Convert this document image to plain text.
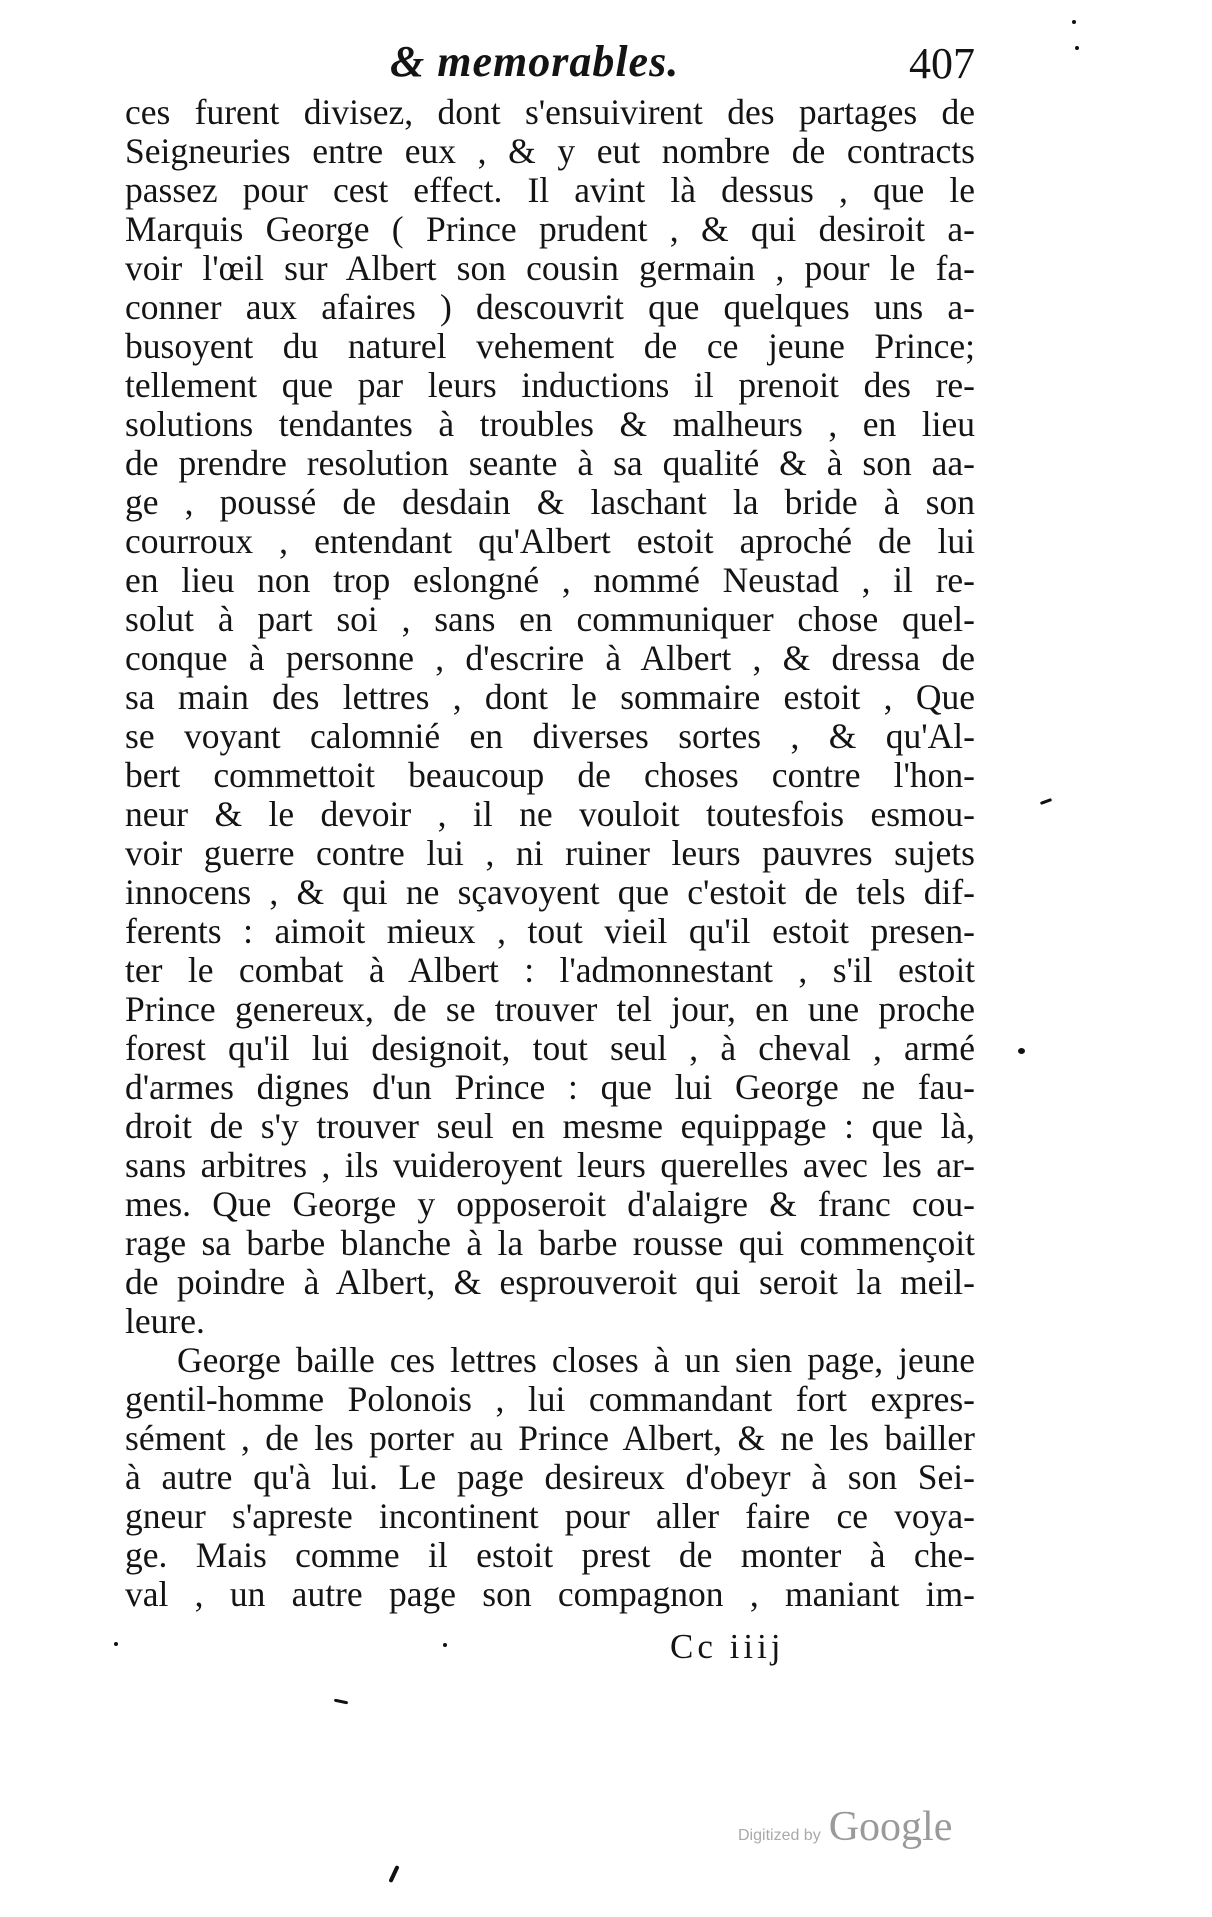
& memorables.	407
ces furent divisez, dont s'ensuivirent des partages de
Seigneuries entre eux , & y eut nombre de contracts
passez pour cest effect. Il avint là dessus , que le
Marquis George ( Prince prudent , & qui desiroit a-
voir l'œil sur Albert son cousin germain , pour le fa-
conner aux afaires ) descouvrit que quelques uns a-
busoyent du naturel vehement de ce jeune Prince;
tellement que par leurs inductions il prenoit des re-
solutions tendantes à troubles & malheurs , en lieu
de prendre resolution seante à sa qualité & à son aa-
ge , poussé de desdain & laschant la bride à son
courroux , entendant qu'Albert estoit aproché de lui
en lieu non trop eslongné , nommé Neustad , il re-
solut à part soi , sans en communiquer chose quel-
conque à personne , d'escrire à Albert , & dressa de
sa main des lettres , dont le sommaire estoit , Que
se voyant calomnié en diverses sortes , & qu'Al-
bert commettoit beaucoup de choses contre l'hon-
neur & le devoir , il ne vouloit toutesfois esmou-
voir guerre contre lui , ni ruiner leurs pauvres sujets
innocens , & qui ne sçavoyent que c'estoit de tels dif-
ferents : aimoit mieux , tout vieil qu'il estoit presen-
ter le combat à Albert : l'admonnestant , s'il estoit
Prince genereux, de se trouver tel jour, en une proche
forest qu'il lui designoit, tout seul , à cheval , armé
d'armes dignes d'un Prince : que lui George ne fau-
droit de s'y trouver seul en mesme equippage : que là,
sans arbitres , ils vuideroyent leurs querelles avec les ar-
mes. Que George y opposeroit d'alaigre & franc cou-
rage sa barbe blanche à la barbe rousse qui commençoit
de poindre à Albert, & esprouveroit qui seroit la meil-
leure.
George baille ces lettres closes à un sien page, jeune
gentil-homme Polonois , lui commandant fort expres-
sément , de les porter au Prince Albert, & ne les bailler
à autre qu'à lui. Le page desireux d'obeyr à son Sei-
gneur s'apreste incontinent pour aller faire ce voya-
ge. Mais comme il estoit prest de monter à che-
val , un autre page son compagnon , maniant im-
Cc iiij
Digitized by Google
